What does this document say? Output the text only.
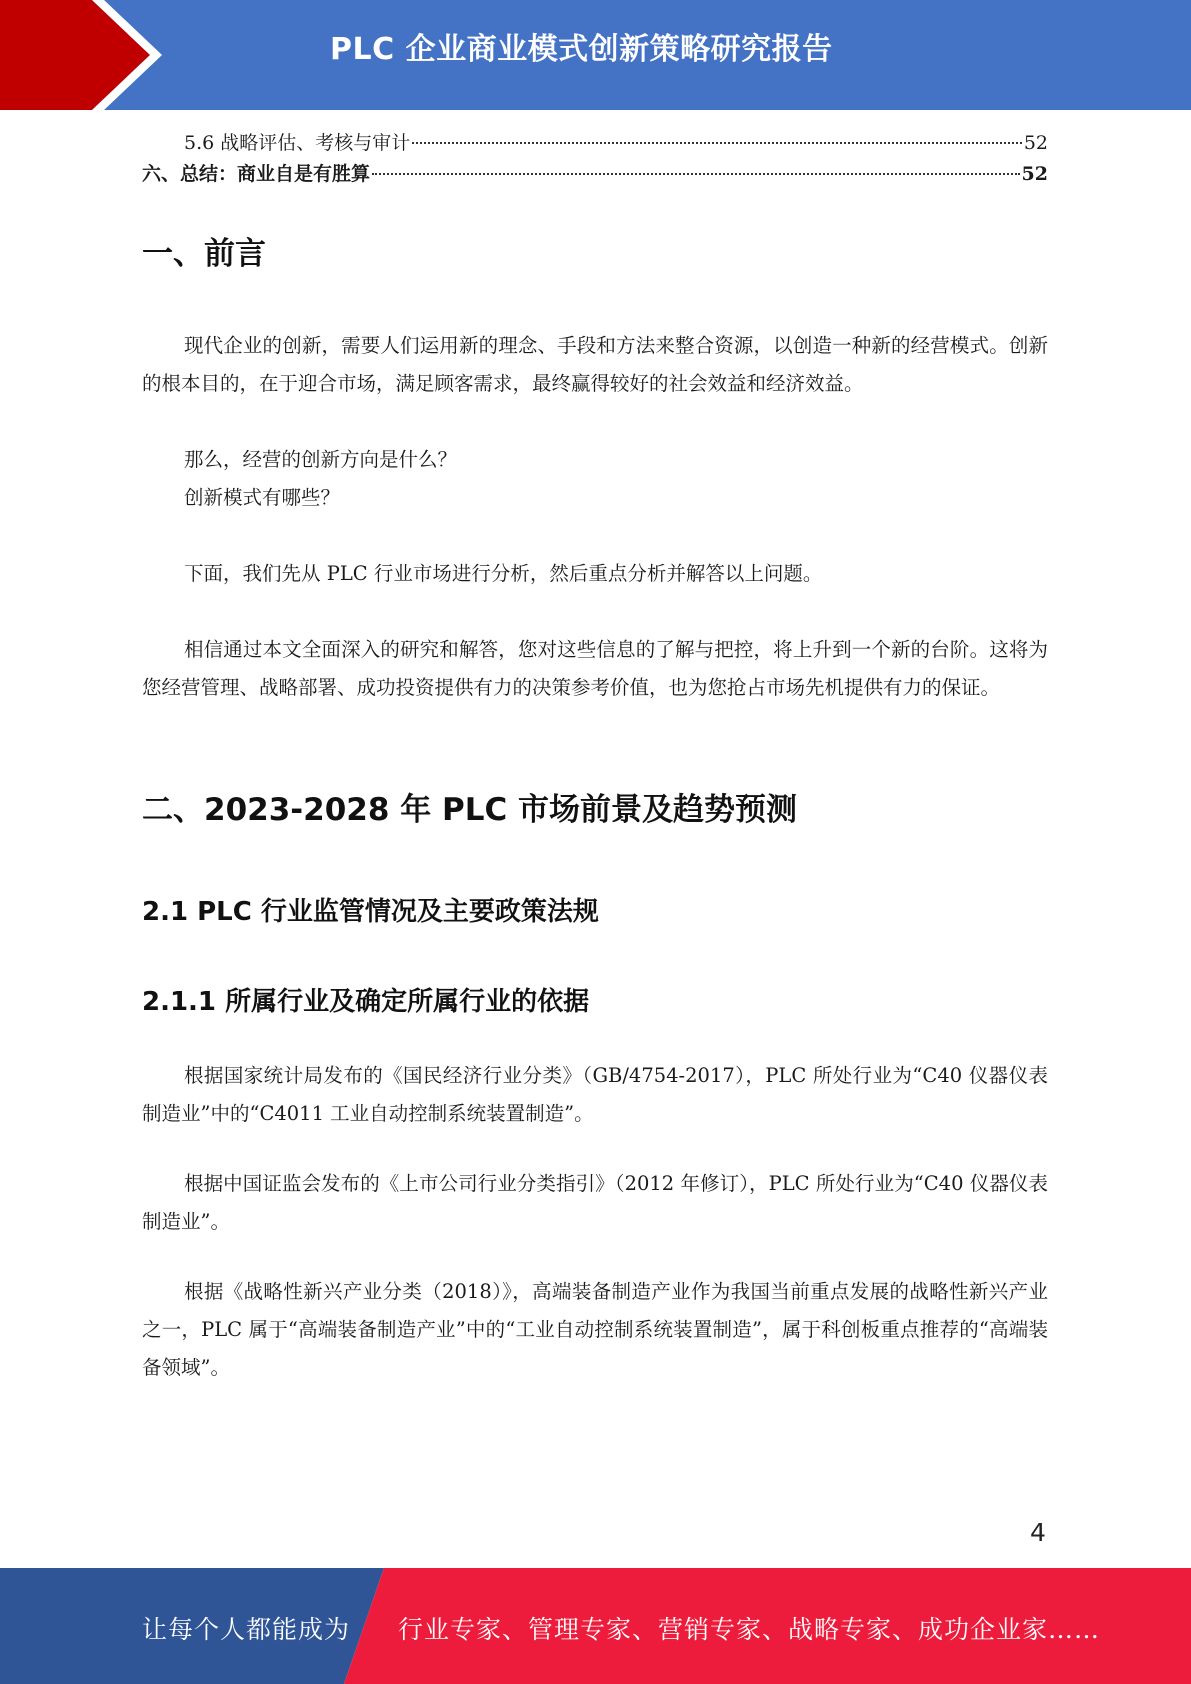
PLC 企业商业模式创新策略研究报告
5.6 战略评估、考核与审计	52
六、总结：商业自是有胜算	52
一、前言
现代企业的创新，需要人们运用新的理念、手段和方法来整合资源，以创造一种新的经营模式。创新的根本目的，在于迎合市场，满足顾客需求，最终赢得较好的社会效益和经济效益。
那么，经营的创新方向是什么？
创新模式有哪些？
下面，我们先从 PLC 行业市场进行分析，然后重点分析并解答以上问题。
相信通过本文全面深入的研究和解答，您对这些信息的了解与把控，将上升到一个新的台阶。这将为您经营管理、战略部署、成功投资提供有力的决策参考价值，也为您抢占市场先机提供有力的保证。
二、2023-2028 年 PLC 市场前景及趋势预测
2.1 PLC 行业监管情况及主要政策法规
2.1.1 所属行业及确定所属行业的依据
根据国家统计局发布的《国民经济行业分类》（GB/4754-2017），PLC 所处行业为“C40 仪器仪表制造业”中的“C4011 工业自动控制系统装置制造”。
根据中国证监会发布的《上市公司行业分类指引》（2012 年修订），PLC 所处行业为“C40 仪器仪表制造业”。
根据《战略性新兴产业分类（2018）》，高端装备制造产业作为我国当前重点发展的战略性新兴产业之一，PLC 属于“高端装备制造产业”中的“工业自动控制系统装置制造”，属于科创板重点推荐的“高端装备领域”。
4
让每个人都能成为 行业专家、管理专家、营销专家、战略专家、成功企业家……
